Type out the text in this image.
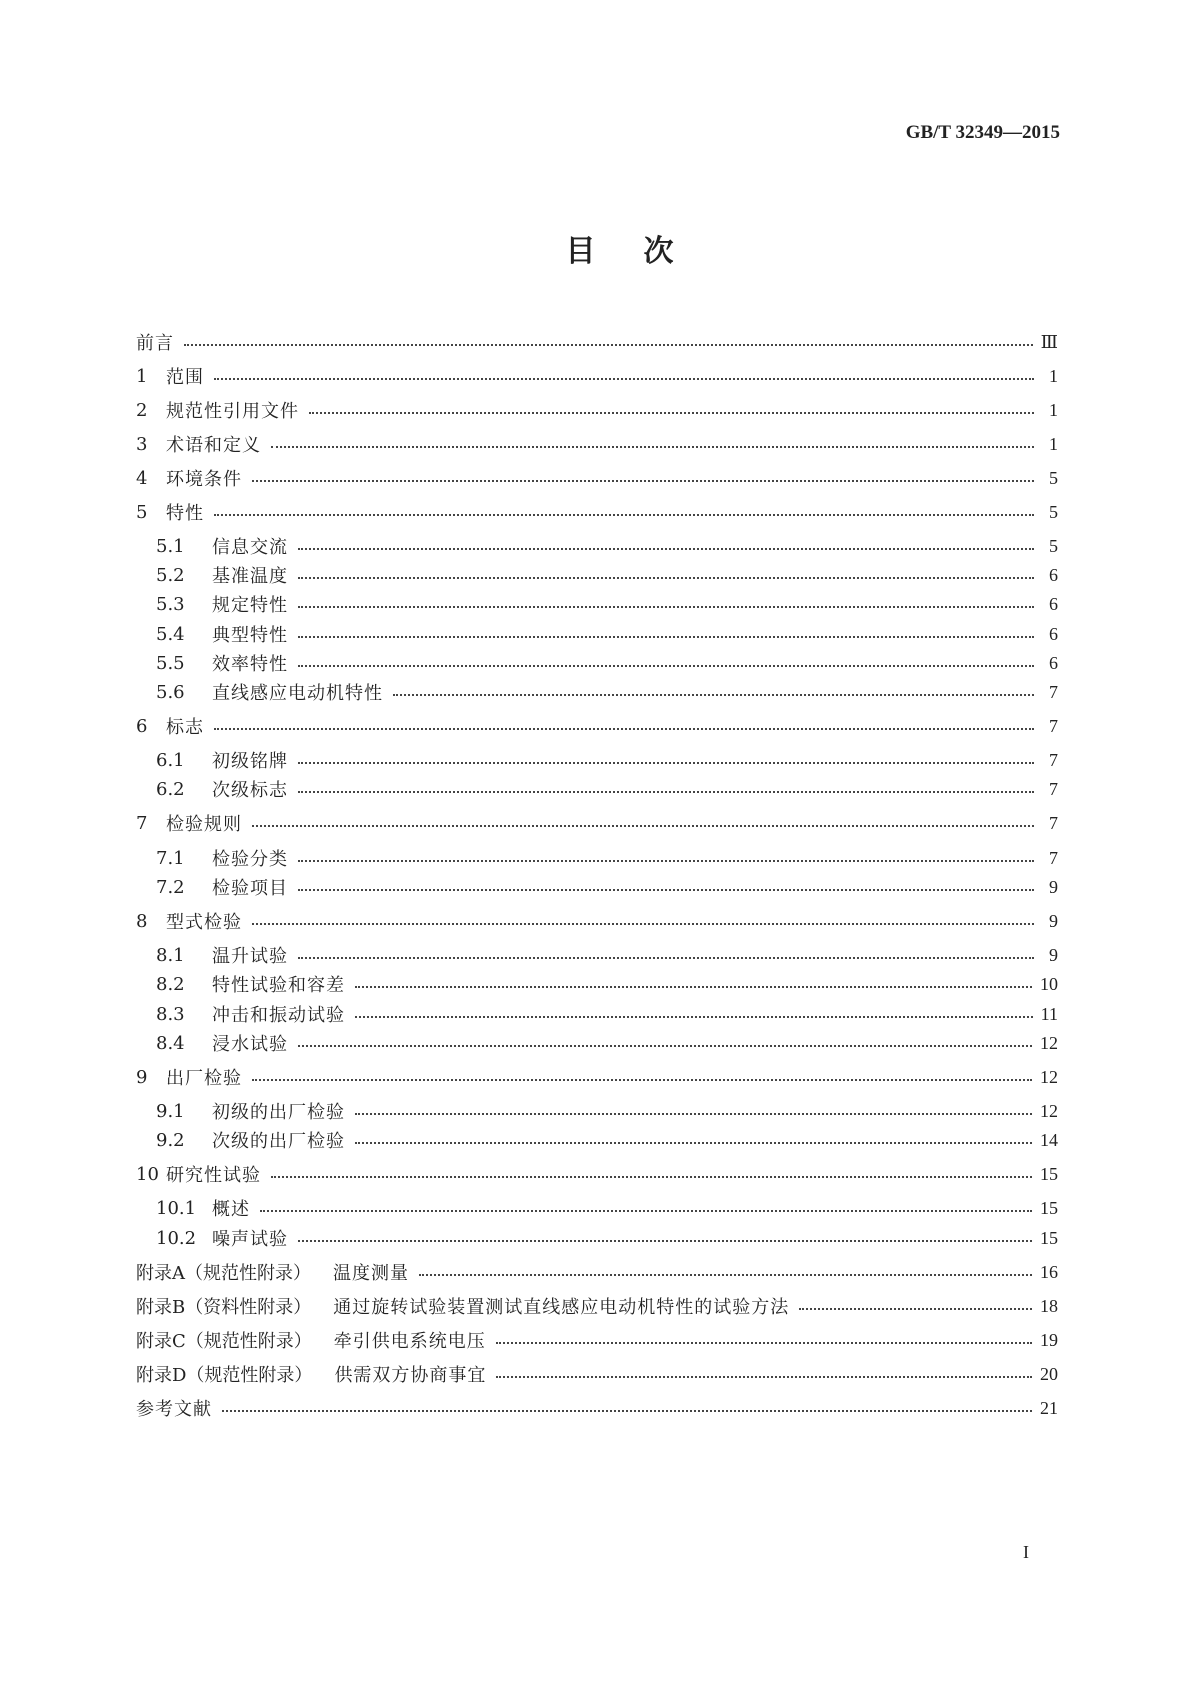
GB/T 32349—2015
目次
前言	Ⅲ
1	范围	1
2	规范性引用文件	1
3	术语和定义	1
4	环境条件	5
5	特性	5
5.1	信息交流	5
5.2	基准温度	6
5.3	规定特性	6
5.4	典型特性	6
5.5	效率特性	6
5.6	直线感应电动机特性	7
6	标志	7
6.1	初级铭牌	7
6.2	次级标志	7
7	检验规则	7
7.1	检验分类	7
7.2	检验项目	9
8	型式检验	9
8.1	温升试验	9
8.2	特性试验和容差	10
8.3	冲击和振动试验	11
8.4	浸水试验	12
9	出厂检验	12
9.1	初级的出厂检验	12
9.2	次级的出厂检验	14
10 研究性试验	15
10.1 概述	15
10.2 噪声试验	15
附录A（规范性附录） 温度测量	16
附录B（资料性附录） 通过旋转试验装置测试直线感应电动机特性的试验方法	18
附录C（规范性附录） 牵引供电系统电压	19
附录D（规范性附录） 供需双方协商事宜	20
参考文献	21
I
